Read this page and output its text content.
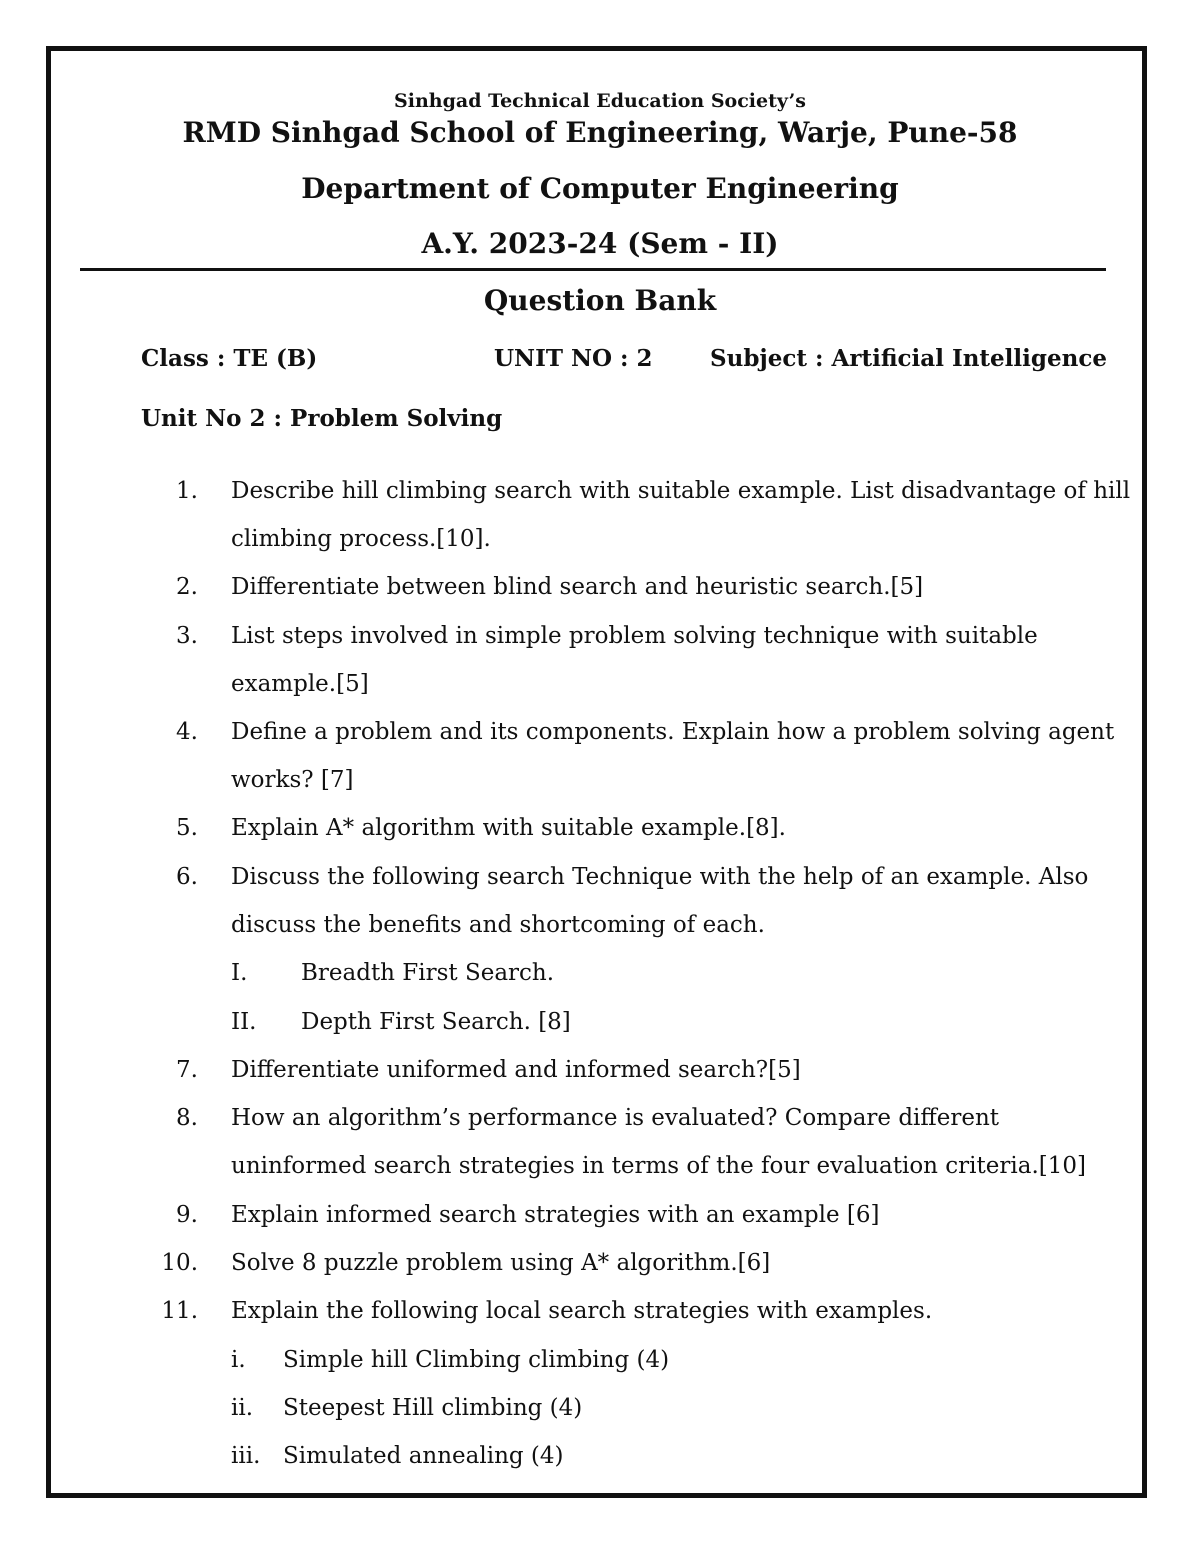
Sinhgad Technical Education Society’s
RMD Sinhgad School of Engineering, Warje, Pune-58
Department of Computer Engineering
A.Y. 2023-24 (Sem - II)
Question Bank
Class : TE (B)	UNIT NO : 2 Subject : Artificial Intelligence
Unit No 2 : Problem Solving
1. Describe hill climbing search with suitable example. List disadvantage of hill
climbing process.[10].
2. Differentiate between blind search and heuristic search.[5]
3. List steps involved in simple problem solving technique with suitable
example.[5]
4. Define a problem and its components. Explain how a problem solving agent
works? [7]
5. Explain A* algorithm with suitable example.[8].
6. Discuss the following search Technique with the help of an example. Also
discuss the benefits and shortcoming of each.
I. Breadth First Search.
II. Depth First Search. [8]
7. Differentiate uniformed and informed search?[5]
8. How an algorithm’s performance is evaluated? Compare different
uninformed search strategies in terms of the four evaluation criteria.[10]
9. Explain informed search strategies with an example [6]
10. Solve 8 puzzle problem using A* algorithm.[6]
11. Explain the following local search strategies with examples.
i. Simple hill Climbing climbing (4)
ii. Steepest Hill climbing (4)
iii. Simulated annealing (4)
